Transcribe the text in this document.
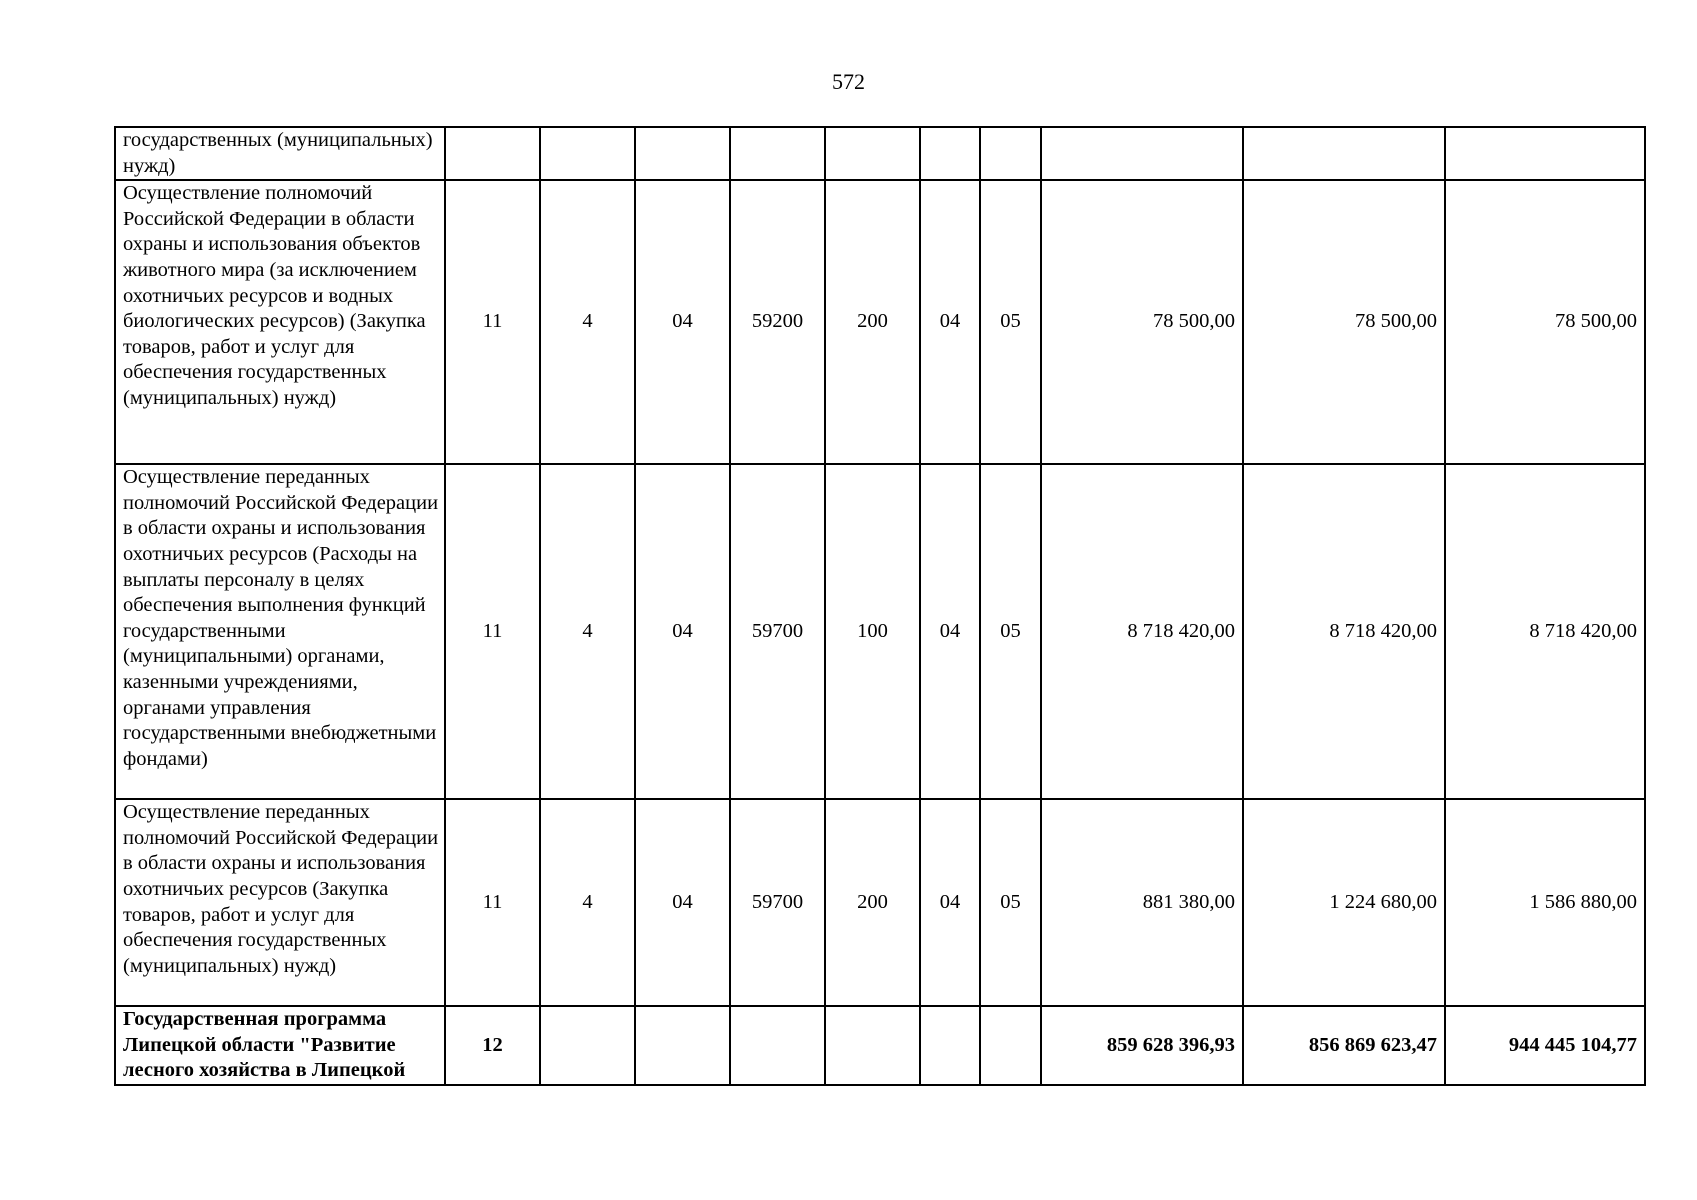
572
государственных (муниципальных) нужд)										
Осуществление полномочий Российской Федерации в области охраны и использования объектов животного мира (за исключением охотничьих ресурсов и водных биологических ресурсов) (Закупка товаров, работ и услуг для обеспечения государственных (муниципальных) нужд)	11	4	04	59200	200	04	05	78 500,00	78 500,00	78 500,00
Осуществление переданных полномочий Российской Федерации в области охраны и использования охотничьих ресурсов (Расходы на выплаты персоналу в целях обеспечения выполнения функций государственными (муниципальными) органами, казенными учреждениями, органами управления государственными внебюджетными фондами)	11	4	04	59700	100	04	05	8 718 420,00	8 718 420,00	8 718 420,00
Осуществление переданных полномочий Российской Федерации в области охраны и использования охотничьих ресурсов (Закупка товаров, работ и услуг для обеспечения государственных (муниципальных) нужд)	11	4	04	59700	200	04	05	881 380,00	1 224 680,00	1 586 880,00
Государственная программа Липецкой области "Развитие лесного хозяйства в Липецкой	12							859 628 396,93	856 869 623,47	944 445 104,77
